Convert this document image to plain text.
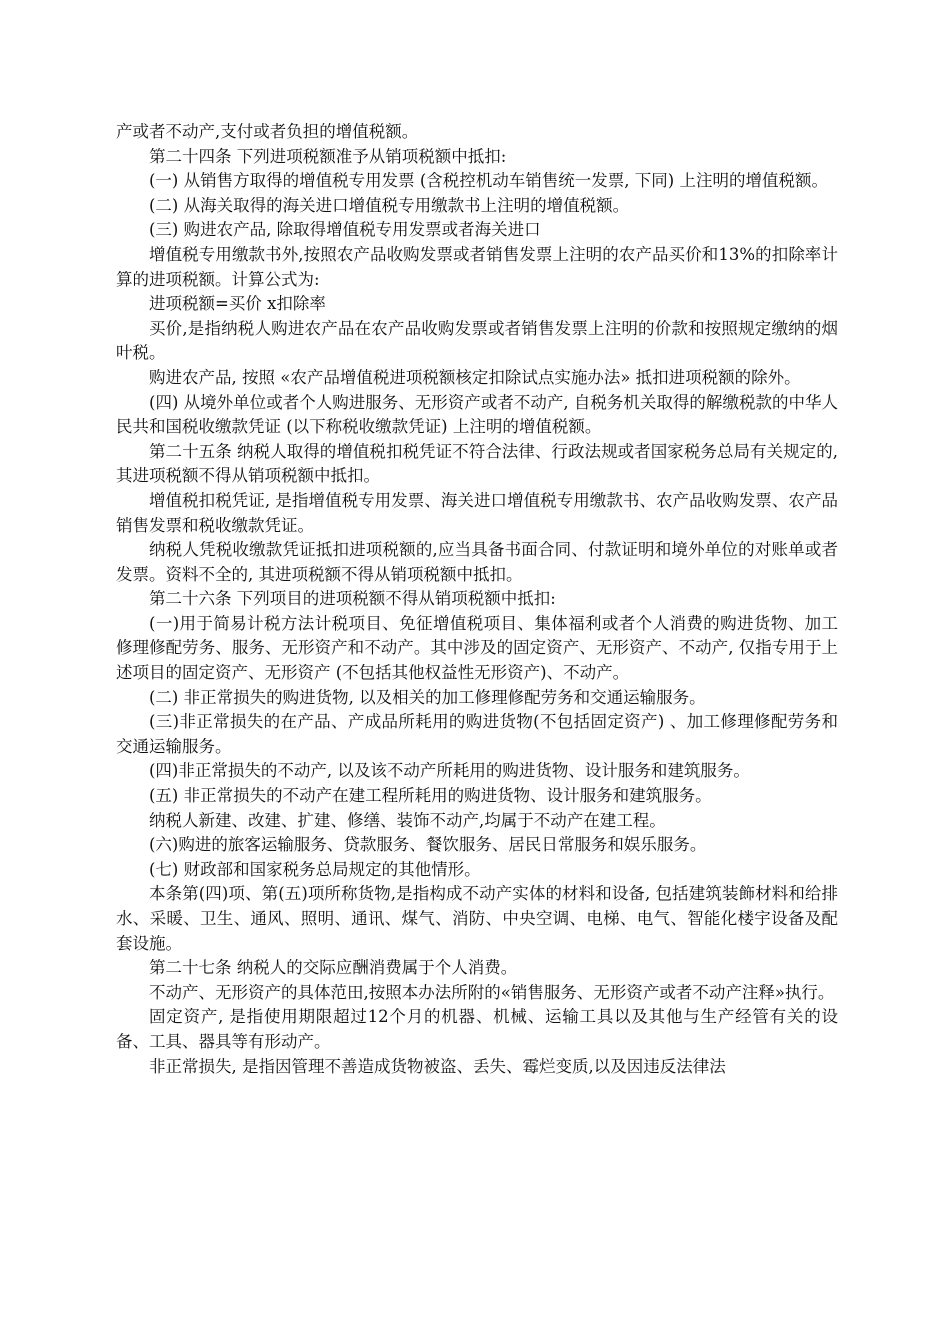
产或者不动产,支付或者负担的增值税额。

第二十四条 下列进项税额准予从销项税额中抵扣:

(一) 从销售方取得的增值税专用发票 (含税控机动车销售统一发票, 下同) 上注明的增值税额。

(二) 从海关取得的海关进口增值税专用缴款书上注明的增值税额。

(三) 购进农产品, 除取得增值税专用发票或者海关进口

增值税专用缴款书外,按照农产品收购发票或者销售发票上注明的农产品买价和13%的扣除率计算的进项税额。计算公式为:

进项税额=买价 x扣除率

买价,是指纳税人购进农产品在农产品收购发票或者销售发票上注明的价款和按照规定缴纳的烟叶税。

购进农产品, 按照 «农产品增值税进项税额核定扣除试点实施办法» 抵扣进项税额的除外。

(四) 从境外单位或者个人购进服务、无形资产或者不动产, 自税务机关取得的解缴税款的中华人民共和国税收缴款凭证 (以下称税收缴款凭证) 上注明的增值税额。

第二十五条 纳税人取得的增值税扣税凭证不符合法律、行政法规或者国家税务总局有关规定的,其进项税额不得从销项税额中抵扣。

增值税扣税凭证, 是指增值税专用发票、海关进口增值税专用缴款书、农产品收购发票、农产品销售发票和税收缴款凭证。

纳税人凭税收缴款凭证抵扣进项税额的,应当具备书面合同、付款证明和境外单位的对账单或者发票。资料不全的, 其进项税额不得从销项税额中抵扣。

第二十六条 下列项目的进项税额不得从销项税额中抵扣:

(一)用于简易计税方法计税项目、免征增值税项目、集体福利或者个人消费的购进货物、加工修理修配劳务、服务、无形资产和不动产。其中涉及的固定资产、无形资产、不动产, 仅指专用于上述项目的固定资产、无形资产 (不包括其他权益性无形资产)、不动产。

(二) 非正常损失的购进货物, 以及相关的加工修理修配劳务和交通运输服务。

(三)非正常损失的在产品、产成品所耗用的购进货物(不包括固定资产) 、加工修理修配劳务和交通运输服务。

(四)非正常损失的不动产, 以及该不动产所耗用的购进货物、设计服务和建筑服务。

(五) 非正常损失的不动产在建工程所耗用的购进货物、设计服务和建筑服务。

纳税人新建、改建、扩建、修缮、装饰不动产,均属于不动产在建工程。

(六)购进的旅客运输服务、贷款服务、餐饮服务、居民日常服务和娱乐服务。

(七) 财政部和国家税务总局规定的其他情形。

本条第(四)项、第(五)项所称货物,是指构成不动产实体的材料和设备, 包括建筑装飾材料和给排水、采暖、卫生、通风、照明、通讯、煤气、消防、中央空调、电梯、电气、智能化楼宇设备及配套设施。

第二十七条 纳税人的交际应酬消费属于个人消费。

不动产、无形资产的具体范田,按照本办法所附的«销售服务、无形资产或者不动产注释»执行。

固定资产, 是指使用期限超过12个月的机器、机械、运输工具以及其他与生产经管有关的设备、工具、器具等有形动产。

非正常损失, 是指因管理不善造成货物被盗、丢失、霉烂变质,以及因违反法律法
